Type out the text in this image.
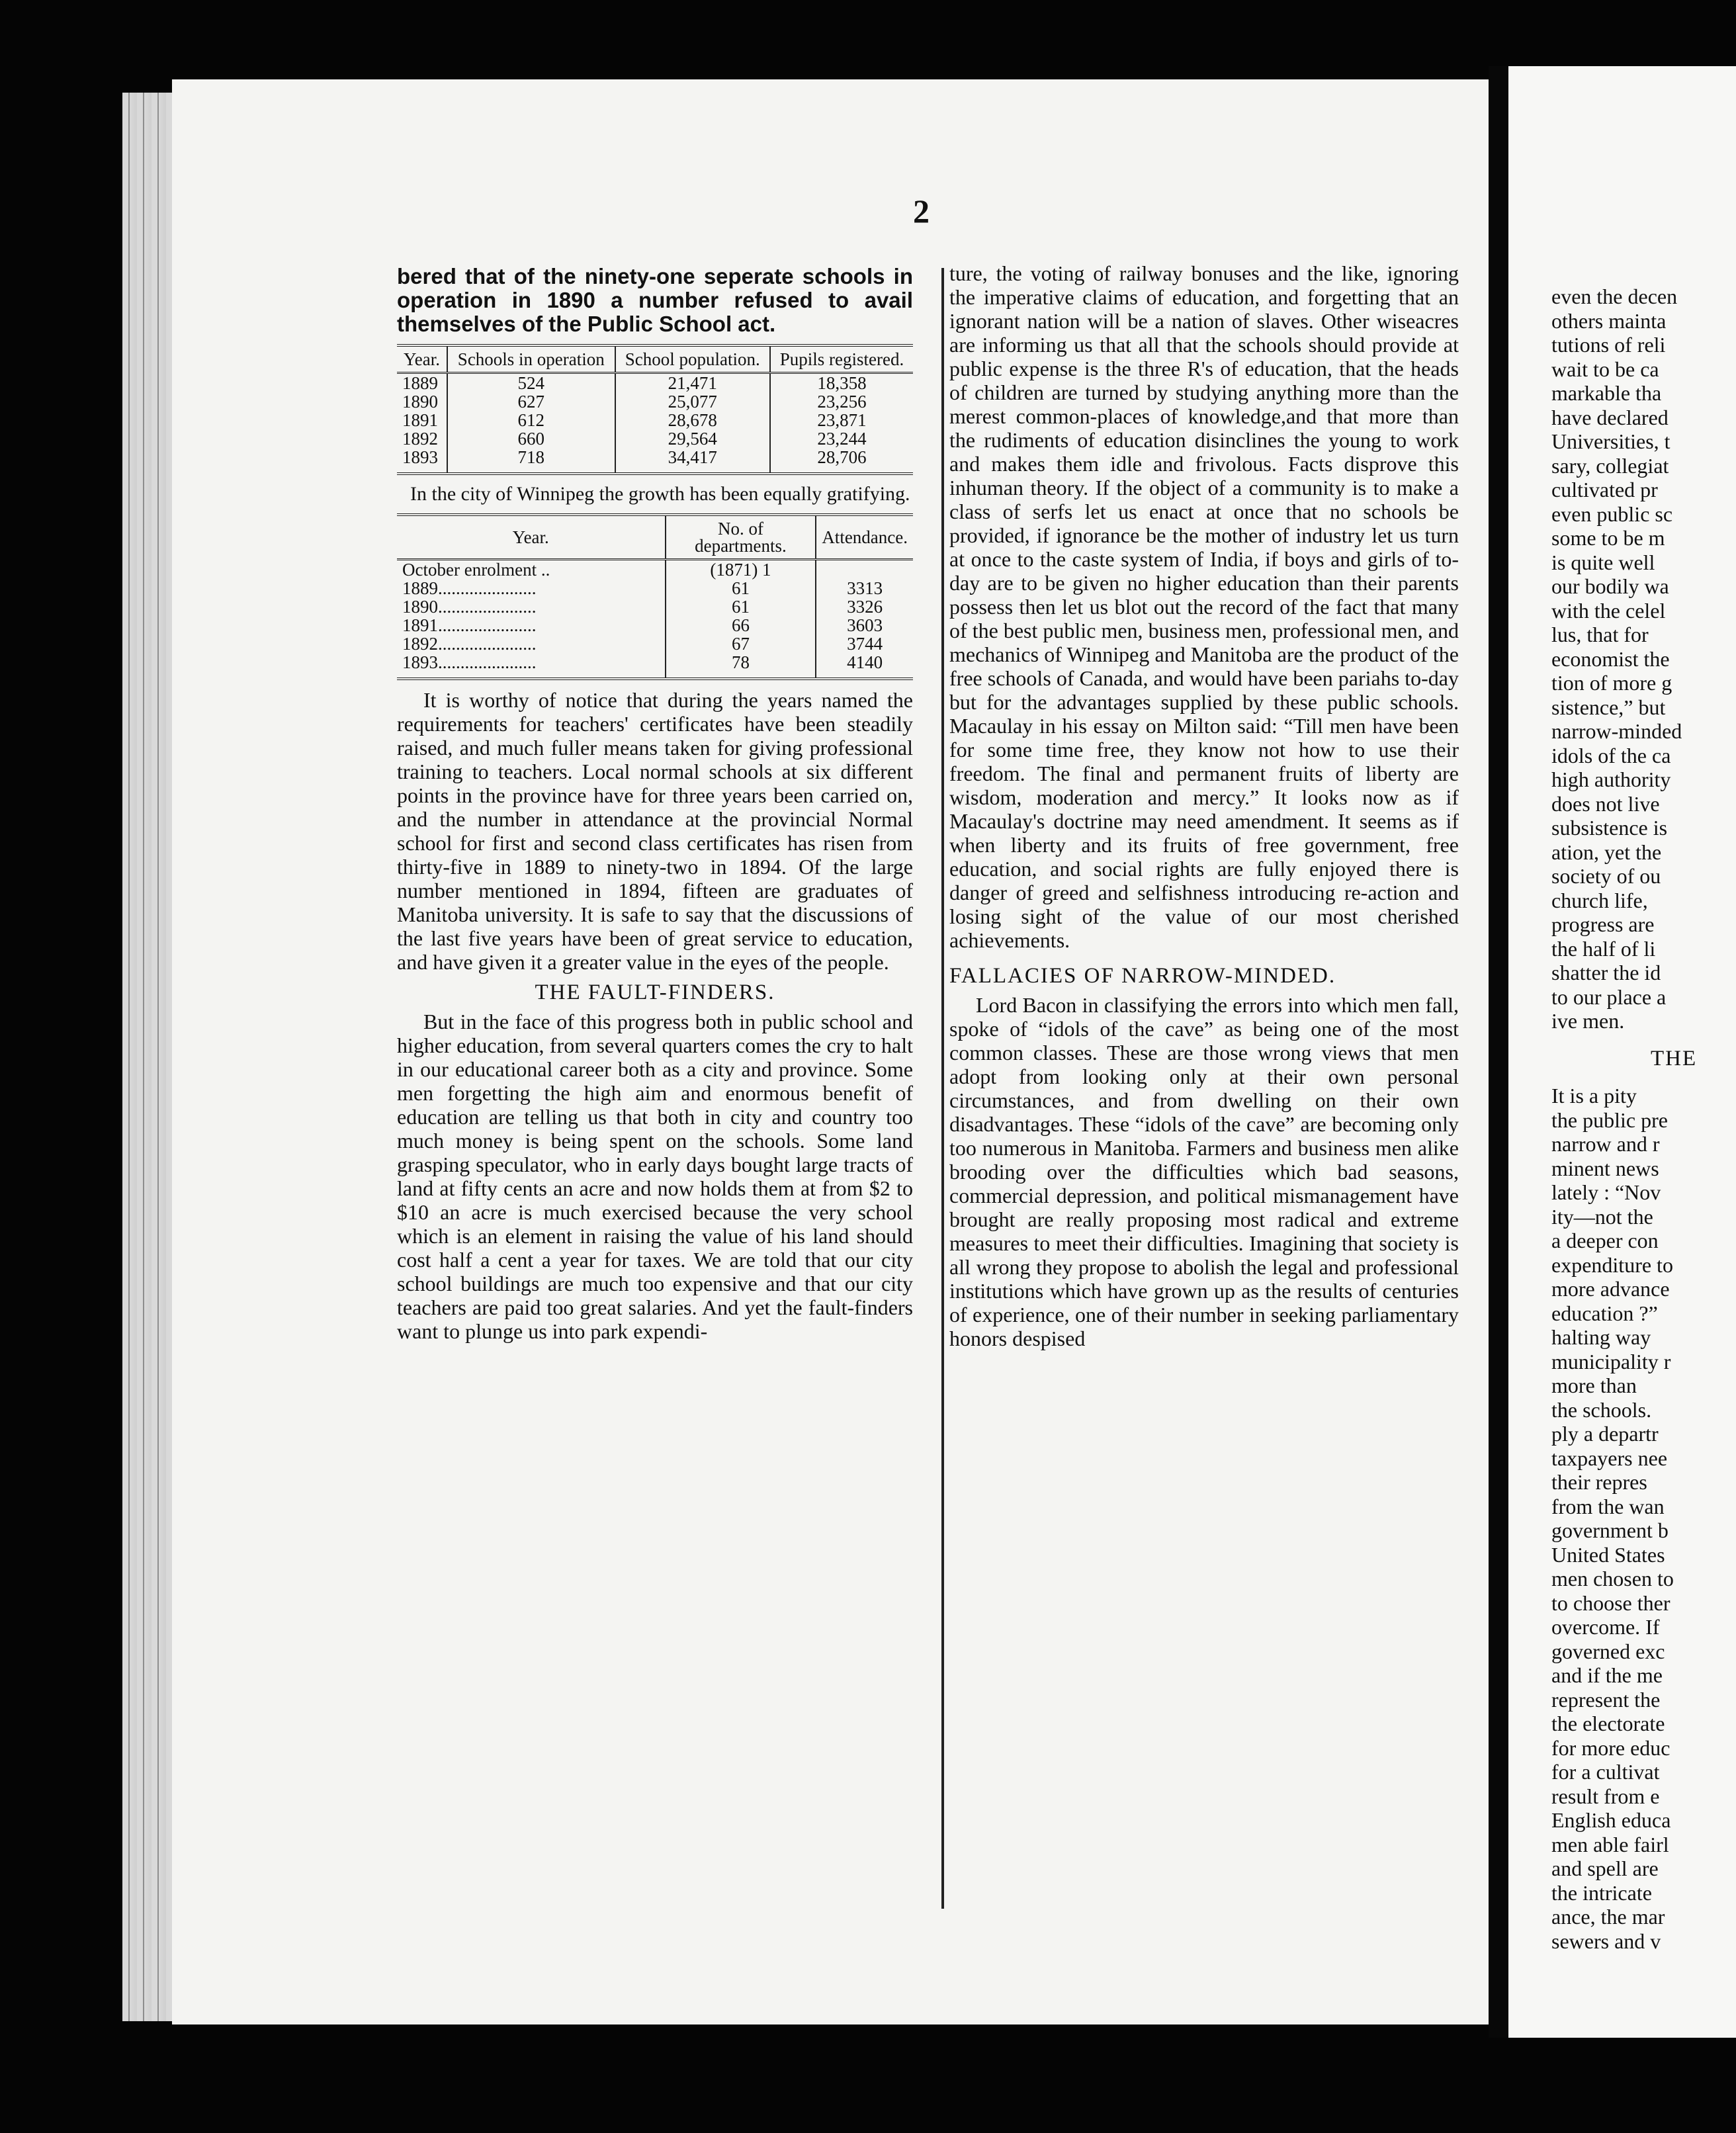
2

bered that of the ninety-one seperate schools in operation in 1890 a number refused to avail themselves of the Public School act.

Year.	Schools in operation	School population.	Pupils registered.
1889	524	21,471	18,358
1890	627	25,077	23,256
1891	612	28,678	23,871
1892	660	29,564	23,244
1893	718	34,417	28,706

In the city of Winnipeg the growth has been equally gratifying.

Year.	No. of departments.	Attendance.
October enrolment ..	(1871) 1	
1889......................	61	3313
1890......................	61	3326
1891......................	66	3603
1892......................	67	3744
1893......................	78	4140

It is worthy of notice that during the years named the requirements for teachers' certificates have been steadily raised, and much fuller means taken for giving professional training to teachers. Local normal schools at six different points in the province have for three years been carried on, and the number in attendance at the provincial Normal school for first and second class certificates has risen from thirty-five in 1889 to ninety-two in 1894. Of the large number mentioned in 1894, fifteen are graduates of Manitoba university. It is safe to say that the discussions of the last five years have been of great service to education, and have given it a greater value in the eyes of the people.

THE FAULT-FINDERS.

But in the face of this progress both in public school and higher education, from several quarters comes the cry to halt in our educational career both as a city and province. Some men forgetting the high aim and enormous benefit of education are telling us that both in city and country too much money is being spent on the schools. Some land grasping speculator, who in early days bought large tracts of land at fifty cents an acre and now holds them at from $2 to $10 an acre is much exercised because the very school which is an element in raising the value of his land should cost half a cent a year for taxes. We are told that our city school buildings are much too expensive and that our city teachers are paid too great salaries. And yet the fault-finders want to plunge us into park expendi-

ture, the voting of railway bonuses and the like, ignoring the imperative claims of education, and forgetting that an ignorant nation will be a nation of slaves. Other wiseacres are informing us that all that the schools should provide at public expense is the three R's of education, that the heads of children are turned by studying anything more than the merest common-places of knowledge,and that more than the rudiments of education disinclines the young to work and makes them idle and frivolous. Facts disprove this inhuman theory. If the object of a community is to make a class of serfs let us enact at once that no schools be provided, if ignorance be the mother of industry let us turn at once to the caste system of India, if boys and girls of to-day are to be given no higher education than their parents possess then let us blot out the record of the fact that many of the best public men, business men, professional men, and mechanics of Winnipeg and Manitoba are the product of the free schools of Canada, and would have been pariahs to-day but for the advantages supplied by these public schools. Macaulay in his essay on Milton said: “Till men have been for some time free, they know not how to use their freedom. The final and permanent fruits of liberty are wisdom, moderation and mercy.” It looks now as if Macaulay's doctrine may need amendment. It seems as if when liberty and its fruits of free government, free education, and social rights are fully enjoyed there is danger of greed and selfishness introducing re-action and losing sight of the value of our most cherished achievements.

FALLACIES OF NARROW-MINDED.

Lord Bacon in classifying the errors into which men fall, spoke of “idols of the cave” as being one of the most common classes. These are those wrong views that men adopt from looking only at their own personal circumstances, and from dwelling on their own disadvantages. These “idols of the cave” are becoming only too numerous in Manitoba. Farmers and business men alike brooding over the difficulties which bad seasons, commercial depression, and political mismanagement have brought are really proposing most radical and extreme measures to meet their difficulties. Imagining that society is all wrong they propose to abolish the legal and professional institutions which have grown up as the results of centuries of experience, one of their number in seeking parliamentary honors despised

even the decen
others mainta
tutions of reli
wait to be ca
markable tha
have declared
Universities, t
sary, collegiat
cultivated pr
even public sc
some to be m
is quite well
our bodily wa
with the celel
lus, that for
economist the
tion of more g
sistence,” but
narrow-minded
idols of the ca
high authority
does not live
subsistence is
ation, yet the
society of ou
church life,
progress are
the half of li
shatter the id
to our place a
ive men.
THE
It is a pity
the public pre
narrow and r
minent news
lately : “Nov
ity—not the
a deeper con
expenditure to
more advance
education ?”
halting way
municipality r
more than
the schools.
ply a departr
taxpayers nee
their repres
from the wan
government b
United States
men chosen to
to choose ther
overcome. If
governed exc
and if the me
represent the
the electorate
for more educ
for a cultivat
result from e
English educa
men able fairl
and spell are
the intricate
ance, the mar
sewers and v
